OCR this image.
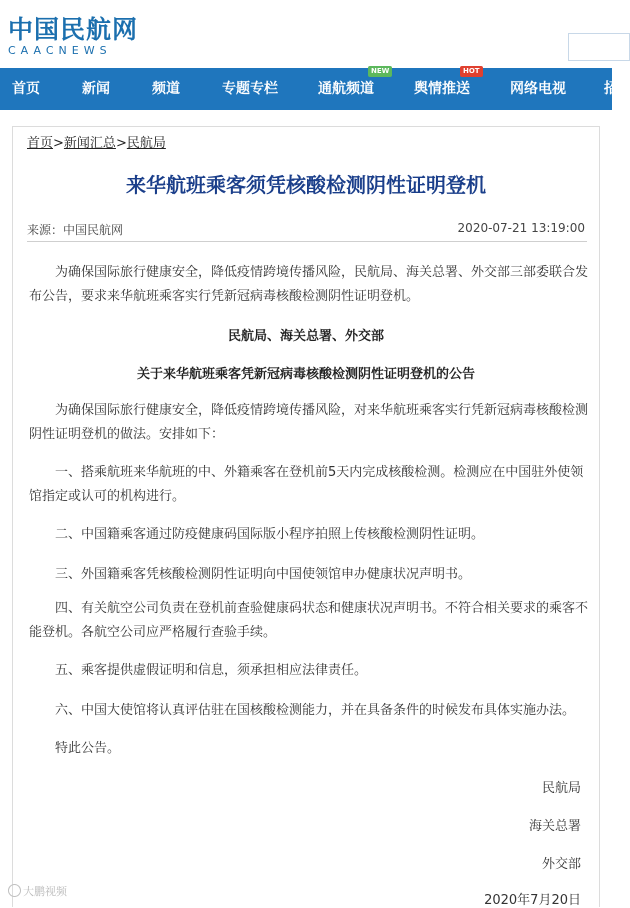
中国民航网
CAACNEWS
首页	新闻	频道	专题专栏
NEW
通航频道
HOT
舆情推送	网络电视	招
首页>新闻汇总>民航局
来华航班乘客须凭核酸检测阴性证明登机
来源：中国民航网	2020-07-21 13:19:00
为确保国际旅行健康安全，降低疫情跨境传播风险，民航局、海关总署、外交部三部委联合发布公告，要求来华航班乘客实行凭新冠病毒核酸检测阴性证明登机。
民航局、海关总署、外交部
关于来华航班乘客凭新冠病毒核酸检测阴性证明登机的公告
为确保国际旅行健康安全，降低疫情跨境传播风险，对来华航班乘客实行凭新冠病毒核酸检测阴性证明登机的做法。安排如下：
一、搭乘航班来华航班的中、外籍乘客在登机前5天内完成核酸检测。检测应在中国驻外使领馆指定或认可的机构进行。
二、中国籍乘客通过防疫健康码国际版小程序拍照上传核酸检测阴性证明。
三、外国籍乘客凭核酸检测阴性证明向中国使领馆申办健康状况声明书。
四、有关航空公司负责在登机前查验健康码状态和健康状况声明书。不符合相关要求的乘客不能登机。各航空公司应严格履行查验手续。
五、乘客提供虚假证明和信息，须承担相应法律责任。
六、中国大使馆将认真评估驻在国核酸检测能力，并在具备条件的时候发布具体实施办法。
特此公告。
民航局
海关总署
外交部
2020年7月20日
大鹏视频
